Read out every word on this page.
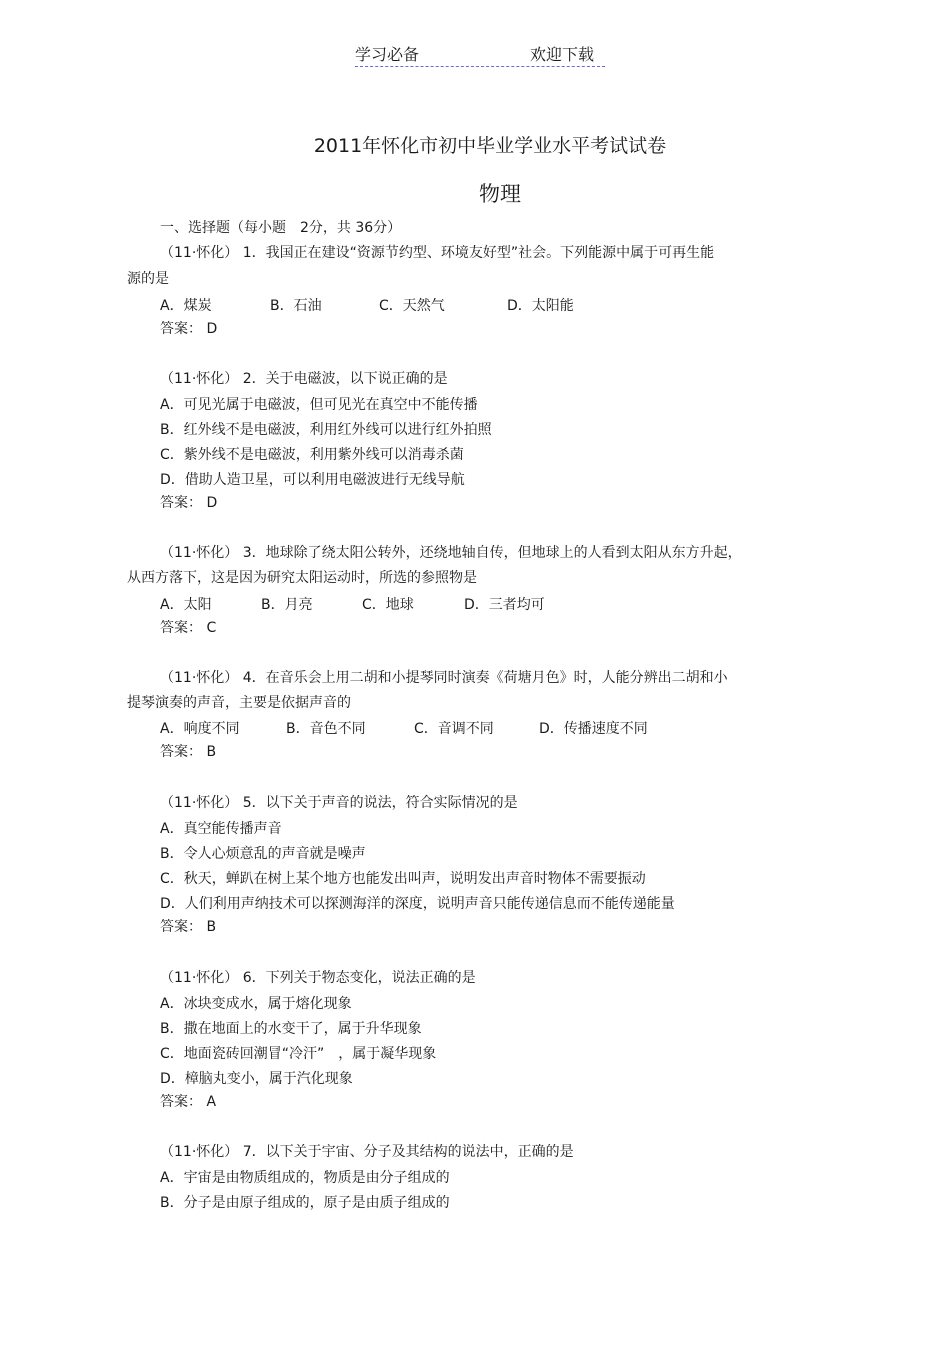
学习必备	欢迎下载
2011年怀化市初中毕业学业水平考试试卷
物理
一、选择题（每小题　2分，共 36分）
（11·怀化） 1．我国正在建设“资源节约型、环境友好型”社会。下列能源中属于可再生能
源的是
A．煤炭	B．石油	C．天然气	D．太阳能
答案： D
（11·怀化） 2．关于电磁波，以下说正确的是
A．可见光属于电磁波，但可见光在真空中不能传播
B．红外线不是电磁波，利用红外线可以进行红外拍照
C．紫外线不是电磁波，利用紫外线可以消毒杀菌
D．借助人造卫星，可以利用电磁波进行无线导航
答案： D
（11·怀化） 3．地球除了绕太阳公转外，还绕地轴自传，但地球上的人看到太阳从东方升起，
从西方落下，这是因为研究太阳运动时，所选的参照物是
A．太阳	B．月亮	C．地球	D．三者均可
答案： C
（11·怀化） 4．在音乐会上用二胡和小提琴同时演奏《荷塘月色》时，人能分辨出二胡和小
提琴演奏的声音，主要是依据声音的
A．响度不同	B．音色不同	C．音调不同	D．传播速度不同
答案： B
（11·怀化） 5．以下关于声音的说法，符合实际情况的是
A．真空能传播声音
B．令人心烦意乱的声音就是噪声
C．秋天，蝉趴在树上某个地方也能发出叫声，说明发出声音时物体不需要振动
D．人们利用声纳技术可以探测海洋的深度，说明声音只能传递信息而不能传递能量
答案： B
（11·怀化） 6．下列关于物态变化，说法正确的是
A．冰块变成水，属于熔化现象
B．撒在地面上的水变干了，属于升华现象
C．地面瓷砖回潮冒“冷汗”　，属于凝华现象
D．樟脑丸变小，属于汽化现象
答案： A
（11·怀化） 7．以下关于宇宙、分子及其结构的说法中，正确的是
A．宇宙是由物质组成的，物质是由分子组成的
B．分子是由原子组成的，原子是由质子组成的
